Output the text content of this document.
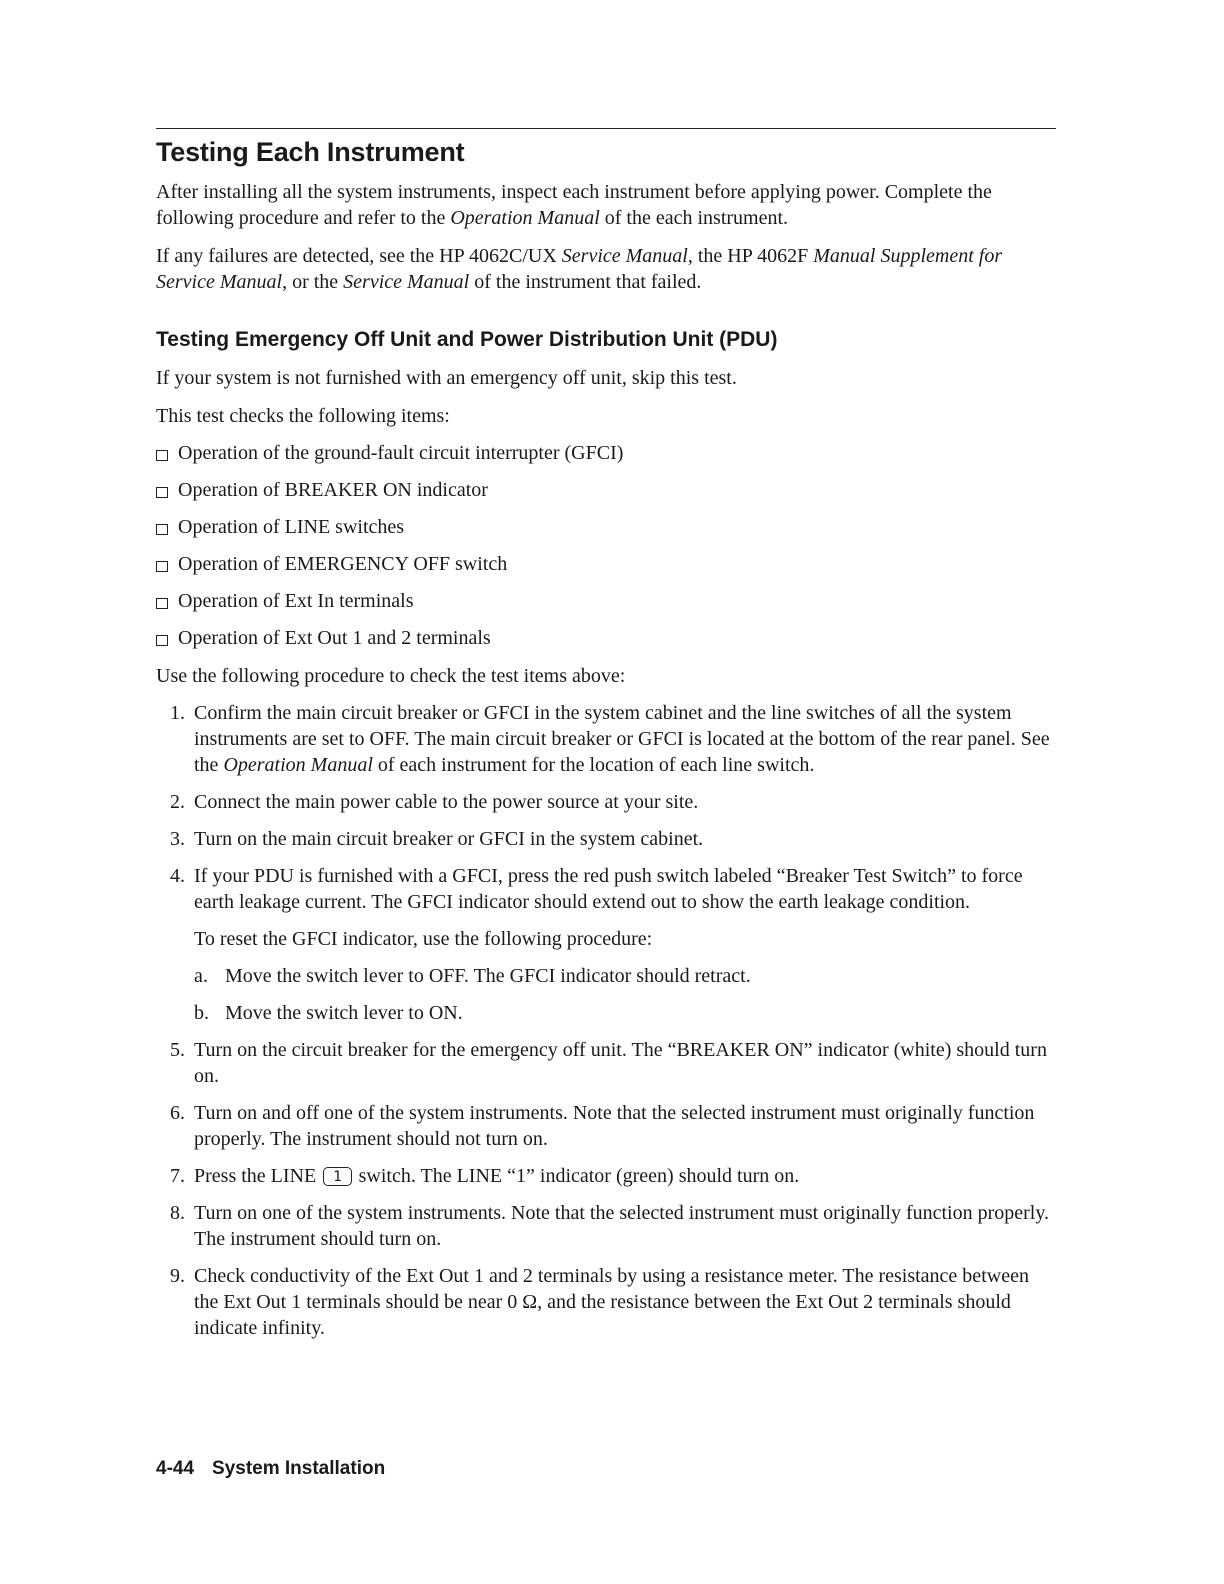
Testing Each Instrument

After installing all the system instruments, inspect each instrument before applying power. Complete the following procedure and refer to the Operation Manual of the each instrument.

If any failures are detected, see the HP 4062C/UX Service Manual, the HP 4062F Manual Supplement for Service Manual, or the Service Manual of the instrument that failed.

Testing Emergency Off Unit and Power Distribution Unit (PDU)

If your system is not furnished with an emergency off unit, skip this test.

This test checks the following items:

Operation of the ground-fault circuit interrupter (GFCI)
Operation of BREAKER ON indicator
Operation of LINE switches
Operation of EMERGENCY OFF switch
Operation of Ext In terminals
Operation of Ext Out 1 and 2 terminals

Use the following procedure to check the test items above:

1. Confirm the main circuit breaker or GFCI in the system cabinet and the line switches of all the system instruments are set to OFF. The main circuit breaker or GFCI is located at the bottom of the rear panel. See the Operation Manual of each instrument for the location of each line switch.
2. Connect the main power cable to the power source at your site.
3. Turn on the main circuit breaker or GFCI in the system cabinet.
4. If your PDU is furnished with a GFCI, press the red push switch labeled “Breaker Test Switch” to force earth leakage current. The GFCI indicator should extend out to show the earth leakage condition.
To reset the GFCI indicator, use the following procedure:
a. Move the switch lever to OFF. The GFCI indicator should retract.
b. Move the switch lever to ON.
5. Turn on the circuit breaker for the emergency off unit. The “BREAKER ON” indicator (white) should turn on.
6. Turn on and off one of the system instruments. Note that the selected instrument must originally function properly. The instrument should not turn on.
7. Press the LINE 1 switch. The LINE “1” indicator (green) should turn on.
8. Turn on one of the system instruments. Note that the selected instrument must originally function properly. The instrument should turn on.
9. Check conductivity of the Ext Out 1 and 2 terminals by using a resistance meter. The resistance between the Ext Out 1 terminals should be near 0 Ω, and the resistance between the Ext Out 2 terminals should indicate infinity.
4-44 System Installation
